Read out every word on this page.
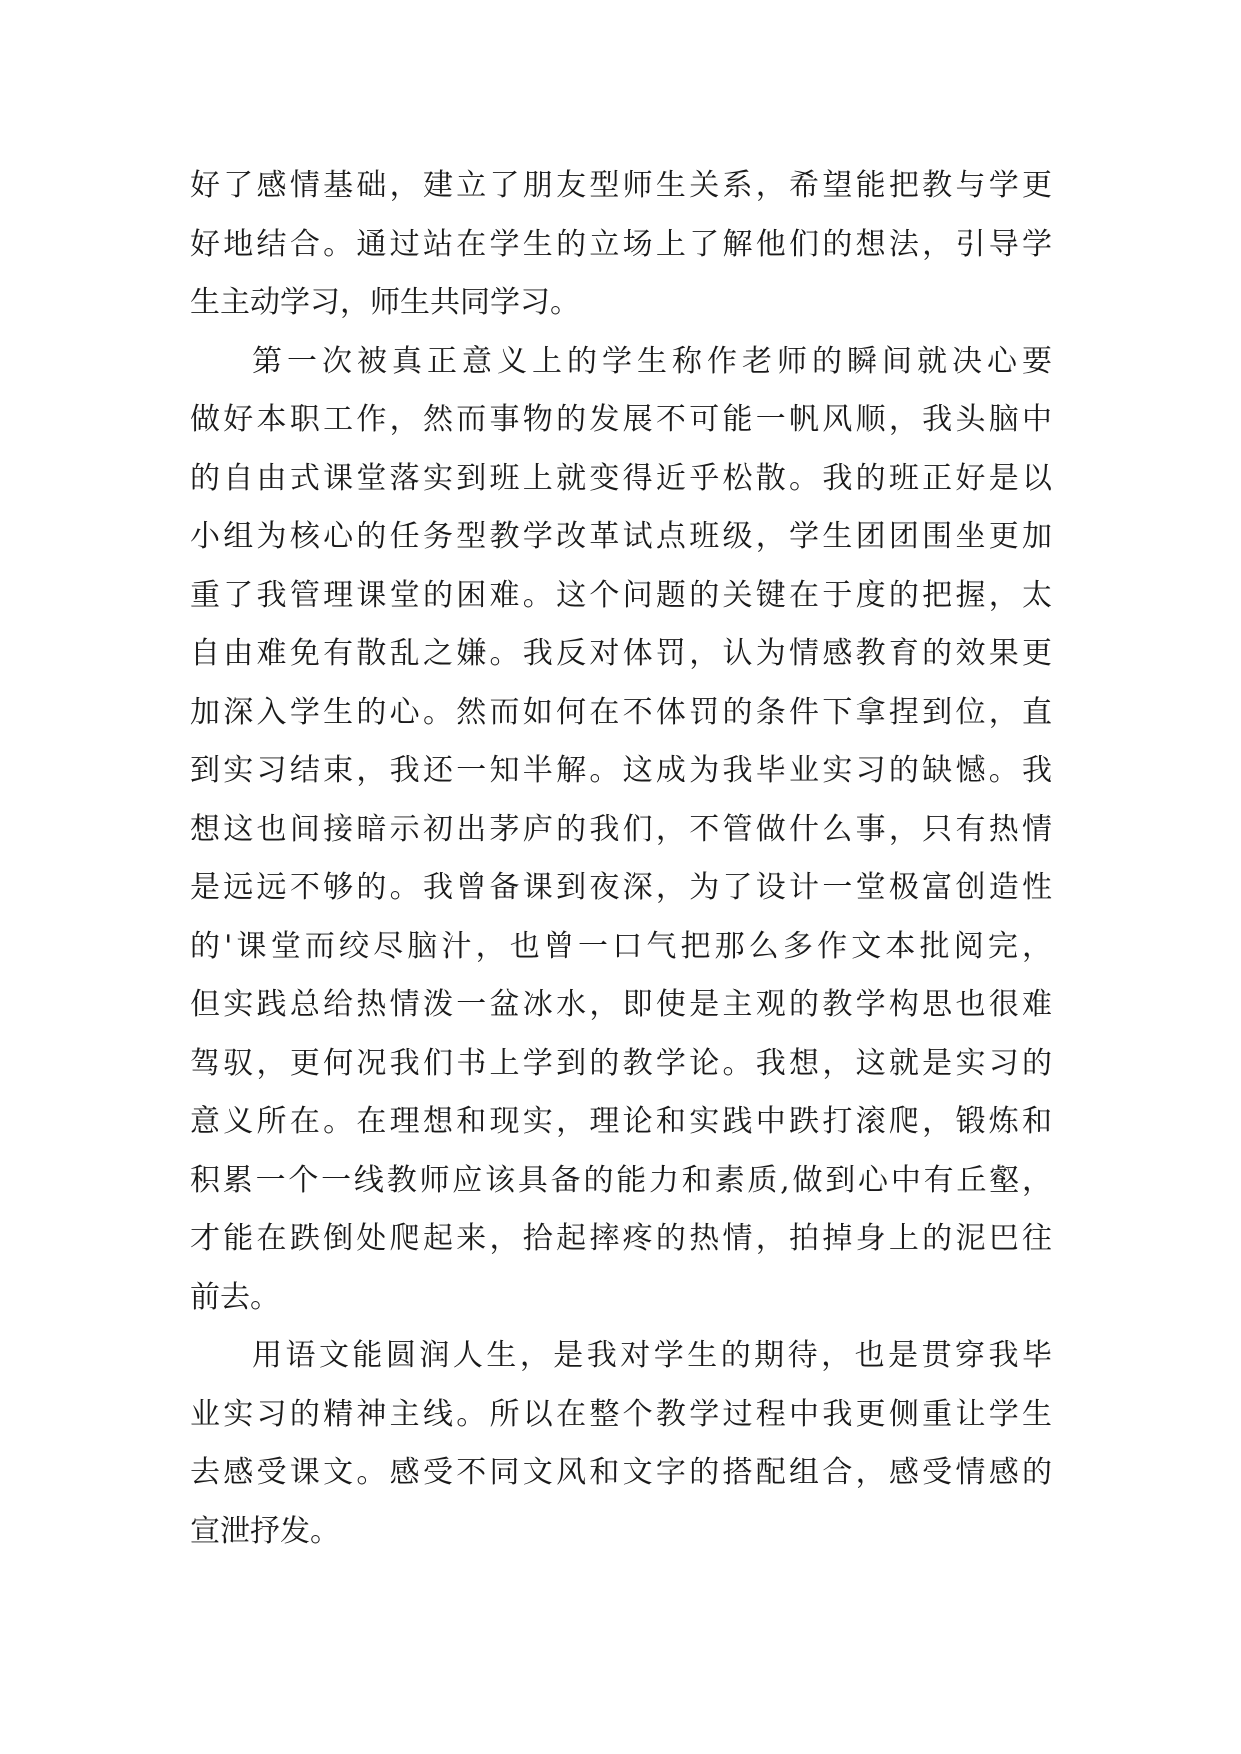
好了感情基础，建立了朋友型师生关系，希望能把教与学更
好地结合。通过站在学生的立场上了解他们的想法，引导学
生主动学习，师生共同学习。
第一次被真正意义上的学生称作老师的瞬间就决心要
做好本职工作，然而事物的发展不可能一帆风顺，我头脑中
的自由式课堂落实到班上就变得近乎松散。我的班正好是以
小组为核心的任务型教学改革试点班级，学生团团围坐更加
重了我管理课堂的困难。这个问题的关键在于度的把握，太
自由难免有散乱之嫌。我反对体罚，认为情感教育的效果更
加深入学生的心。然而如何在不体罚的条件下拿捏到位，直
到实习结束，我还一知半解。这成为我毕业实习的缺憾。我
想这也间接暗示初出茅庐的我们，不管做什么事，只有热情
是远远不够的。我曾备课到夜深，为了设计一堂极富创造性
的'课堂而绞尽脑汁，也曾一口气把那么多作文本批阅完，
但实践总给热情泼一盆冰水，即使是主观的教学构思也很难
驾驭，更何况我们书上学到的教学论。我想，这就是实习的
意义所在。在理想和现实，理论和实践中跌打滚爬，锻炼和
积累一个一线教师应该具备的能力和素质,做到心中有丘壑，
才能在跌倒处爬起来，拾起摔疼的热情，拍掉身上的泥巴往
前去。
用语文能圆润人生，是我对学生的期待，也是贯穿我毕
业实习的精神主线。所以在整个教学过程中我更侧重让学生
去感受课文。感受不同文风和文字的搭配组合，感受情感的
宣泄抒发。
